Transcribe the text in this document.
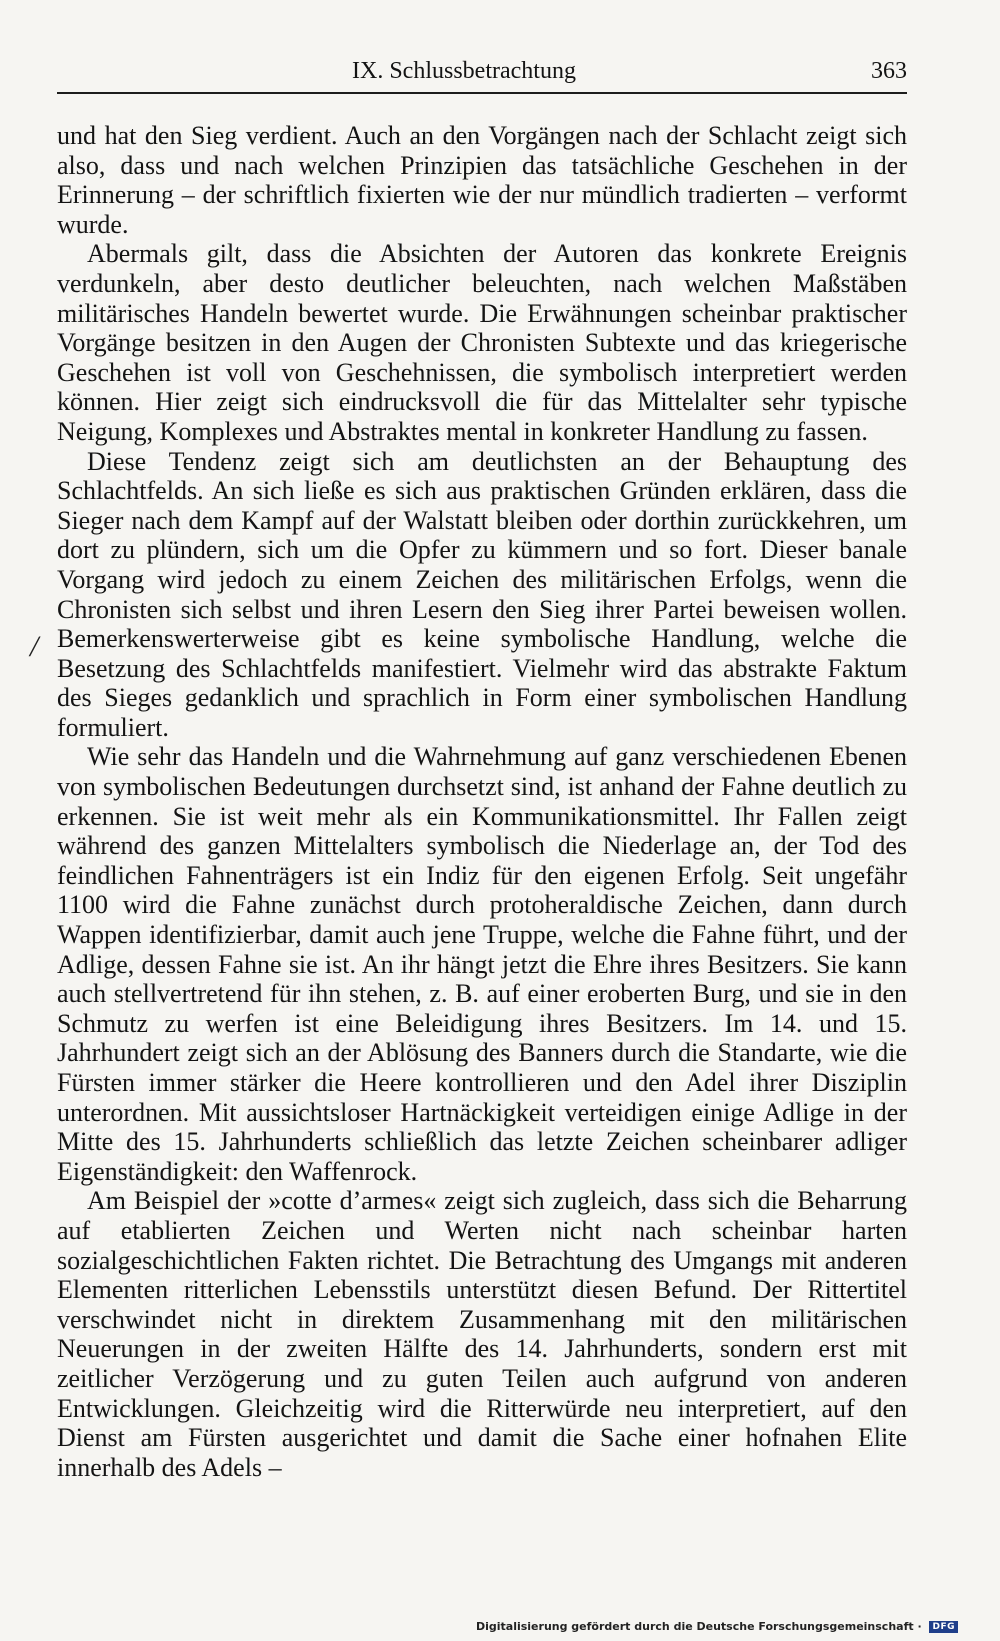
IX. Schlussbetrachtung	363

und hat den Sieg verdient. Auch an den Vorgängen nach der Schlacht zeigt sich also, dass und nach welchen Prinzipien das tatsächliche Geschehen in der Erinnerung – der schriftlich fixierten wie der nur mündlich tradierten – verformt wurde.

Abermals gilt, dass die Absichten der Autoren das konkrete Ereignis verdunkeln, aber desto deutlicher beleuchten, nach welchen Maßstäben militärisches Handeln bewertet wurde. Die Erwähnungen scheinbar praktischer Vorgänge besitzen in den Augen der Chronisten Subtexte und das kriegerische Geschehen ist voll von Geschehnissen, die symbolisch interpretiert werden können. Hier zeigt sich eindrucksvoll die für das Mittelalter sehr typische Neigung, Komplexes und Abstraktes mental in konkreter Handlung zu fassen.

Diese Tendenz zeigt sich am deutlichsten an der Behauptung des Schlachtfelds. An sich ließe es sich aus praktischen Gründen erklären, dass die Sieger nach dem Kampf auf der Walstatt bleiben oder dorthin zurückkehren, um dort zu plündern, sich um die Opfer zu kümmern und so fort. Dieser banale Vorgang wird jedoch zu einem Zeichen des militärischen Erfolgs, wenn die Chronisten sich selbst und ihren Lesern den Sieg ihrer Partei beweisen wollen. Bemerkenswerterweise gibt es keine symbolische Handlung, welche die Besetzung des Schlachtfelds manifestiert. Vielmehr wird das abstrakte Faktum des Sieges gedanklich und sprachlich in Form einer symbolischen Handlung formuliert.

Wie sehr das Handeln und die Wahrnehmung auf ganz verschiedenen Ebenen von symbolischen Bedeutungen durchsetzt sind, ist anhand der Fahne deutlich zu erkennen. Sie ist weit mehr als ein Kommunikationsmittel. Ihr Fallen zeigt während des ganzen Mittelalters symbolisch die Niederlage an, der Tod des feindlichen Fahnenträgers ist ein Indiz für den eigenen Erfolg. Seit ungefähr 1100 wird die Fahne zunächst durch protoheraldische Zeichen, dann durch Wappen identifizierbar, damit auch jene Truppe, welche die Fahne führt, und der Adlige, dessen Fahne sie ist. An ihr hängt jetzt die Ehre ihres Besitzers. Sie kann auch stellvertretend für ihn stehen, z. B. auf einer eroberten Burg, und sie in den Schmutz zu werfen ist eine Beleidigung ihres Besitzers. Im 14. und 15. Jahrhundert zeigt sich an der Ablösung des Banners durch die Standarte, wie die Fürsten immer stärker die Heere kontrollieren und den Adel ihrer Disziplin unterordnen. Mit aussichtsloser Hartnäckigkeit verteidigen einige Adlige in der Mitte des 15. Jahrhunderts schließlich das letzte Zeichen scheinbarer adliger Eigenständigkeit: den Waffenrock.

Am Beispiel der »cotte d’armes« zeigt sich zugleich, dass sich die Beharrung auf etablierten Zeichen und Werten nicht nach scheinbar harten sozialgeschichtlichen Fakten richtet. Die Betrachtung des Umgangs mit anderen Elementen ritterlichen Lebensstils unterstützt diesen Befund. Der Rittertitel verschwindet nicht in direktem Zusammenhang mit den militärischen Neuerungen in der zweiten Hälfte des 14. Jahrhunderts, sondern erst mit zeitlicher Verzögerung und zu guten Teilen auch aufgrund von anderen Entwicklungen. Gleichzeitig wird die Ritterwürde neu interpretiert, auf den Dienst am Fürsten ausgerichtet und damit die Sache einer hofnahen Elite innerhalb des Adels –

/
Digitalisierung gefördert durch die Deutsche Forschungsgemeinschaft · DFG
